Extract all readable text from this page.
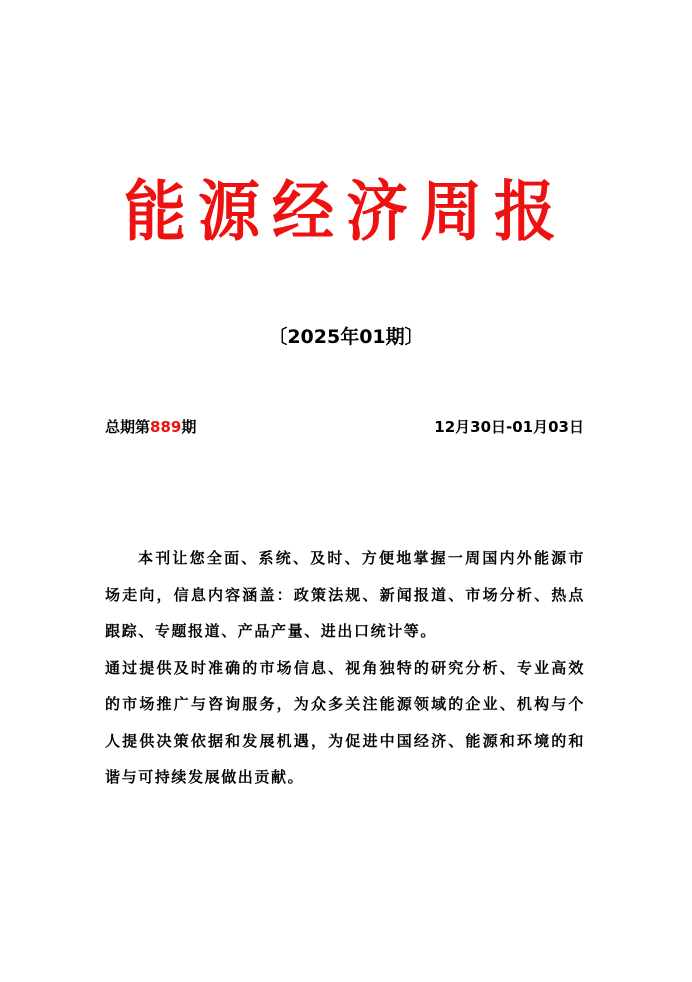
能源经济周报
〔2025年01期〕
总期第889期	12月30日-01月03日

本刊让您全面、系统、及时、方便地掌握一周国内外能源市场走向，信息内容涵盖：政策法规、新闻报道、市场分析、热点跟踪、专题报道、产品产量、进出口统计等。

通过提供及时准确的市场信息、视角独特的研究分析、专业高效的市场推广与咨询服务，为众多关注能源领域的企业、机构与个人提供决策依据和发展机遇，为促进中国经济、能源和环境的和谐与可持续发展做出贡献。
